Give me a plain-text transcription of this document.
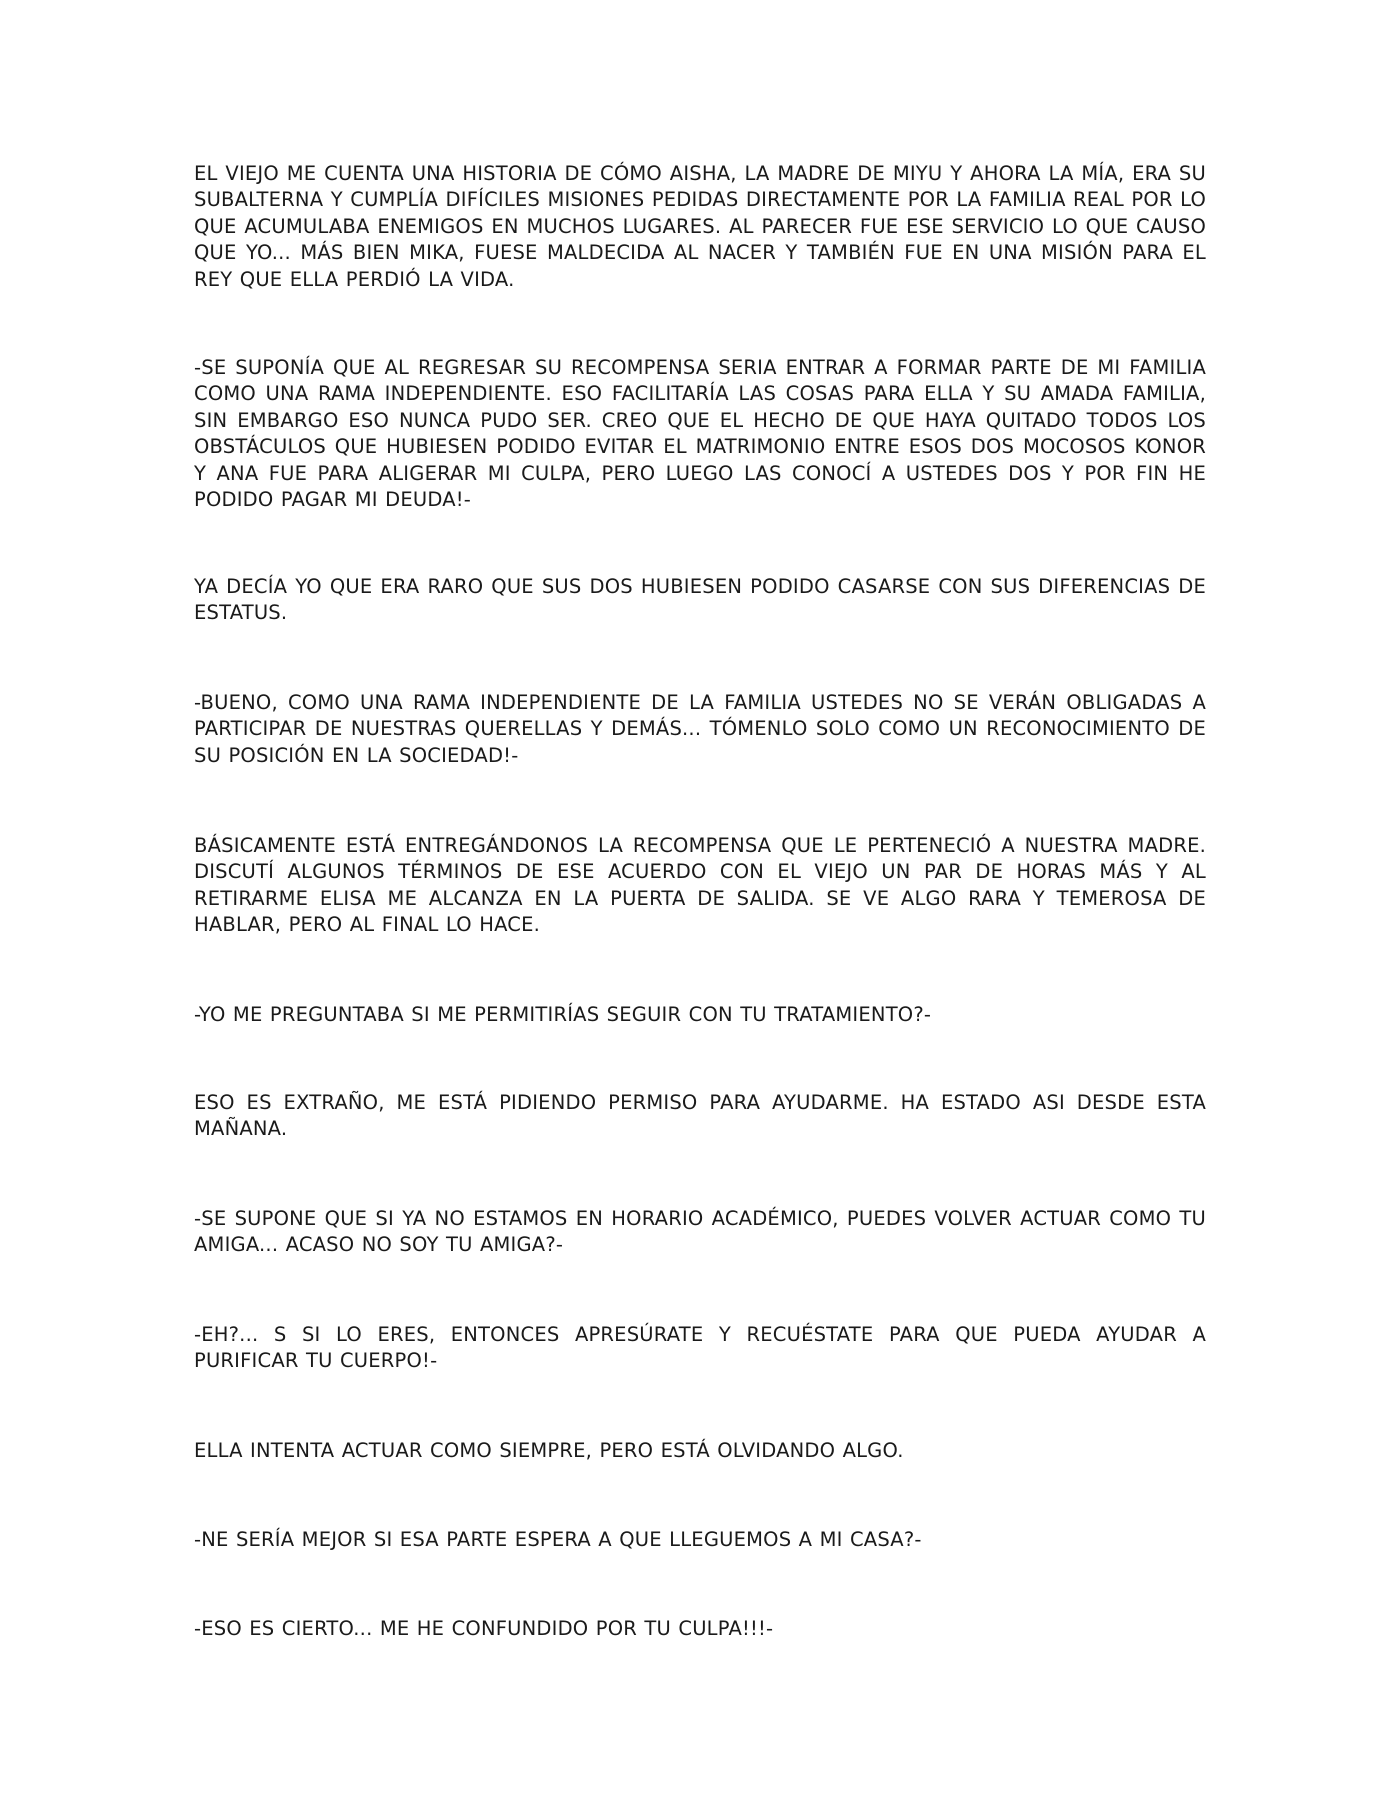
EL VIEJO ME CUENTA UNA HISTORIA DE CÓMO AISHA, LA MADRE DE MIYU Y AHORA LA MÍA, ERA SU SUBALTERNA Y CUMPLÍA DIFÍCILES MISIONES PEDIDAS DIRECTAMENTE POR LA FAMILIA REAL POR LO QUE ACUMULABA ENEMIGOS EN MUCHOS LUGARES. AL PARECER FUE ESE SERVICIO LO QUE CAUSO QUE YO... MÁS BIEN MIKA, FUESE MALDECIDA AL NACER Y TAMBIÉN FUE EN UNA MISIÓN PARA EL REY QUE ELLA PERDIÓ LA VIDA.

-SE SUPONÍA QUE AL REGRESAR SU RECOMPENSA SERIA ENTRAR A FORMAR PARTE DE MI FAMILIA COMO UNA RAMA INDEPENDIENTE. ESO FACILITARÍA LAS COSAS PARA ELLA Y SU AMADA FAMILIA, SIN EMBARGO ESO NUNCA PUDO SER. CREO QUE EL HECHO DE QUE HAYA QUITADO TODOS LOS OBSTÁCULOS QUE HUBIESEN PODIDO EVITAR EL MATRIMONIO ENTRE ESOS DOS MOCOSOS KONOR Y ANA FUE PARA ALIGERAR MI CULPA, PERO LUEGO LAS CONOCÍ A USTEDES DOS Y POR FIN HE PODIDO PAGAR MI DEUDA!-

YA DECÍA YO QUE ERA RARO QUE SUS DOS HUBIESEN PODIDO CASARSE CON SUS DIFERENCIAS DE ESTATUS.

-BUENO, COMO UNA RAMA INDEPENDIENTE DE LA FAMILIA USTEDES NO SE VERÁN OBLIGADAS A PARTICIPAR DE NUESTRAS QUERELLAS Y DEMÁS... TÓMENLO SOLO COMO UN RECONOCIMIENTO DE SU POSICIÓN EN LA SOCIEDAD!-

BÁSICAMENTE ESTÁ ENTREGÁNDONOS LA RECOMPENSA QUE LE PERTENECIÓ A NUESTRA MADRE. DISCUTÍ ALGUNOS TÉRMINOS DE ESE ACUERDO CON EL VIEJO UN PAR DE HORAS MÁS Y AL RETIRARME ELISA ME ALCANZA EN LA PUERTA DE SALIDA. SE VE ALGO RARA Y TEMEROSA DE HABLAR, PERO AL FINAL LO HACE.

-YO ME PREGUNTABA SI ME PERMITIRÍAS SEGUIR CON TU TRATAMIENTO?-

ESO ES EXTRAÑO, ME ESTÁ PIDIENDO PERMISO PARA AYUDARME. HA ESTADO ASI DESDE ESTA MAÑANA.

-SE SUPONE QUE SI YA NO ESTAMOS EN HORARIO ACADÉMICO, PUEDES VOLVER ACTUAR COMO TU AMIGA... ACASO NO SOY TU AMIGA?-

-EH?... S SI LO ERES, ENTONCES APRESÚRATE Y RECUÉSTATE PARA QUE PUEDA AYUDAR A PURIFICAR TU CUERPO!-

ELLA INTENTA ACTUAR COMO SIEMPRE, PERO ESTÁ OLVIDANDO ALGO.

-NE SERÍA MEJOR SI ESA PARTE ESPERA A QUE LLEGUEMOS A MI CASA?-

-ESO ES CIERTO... ME HE CONFUNDIDO POR TU CULPA!!!-
